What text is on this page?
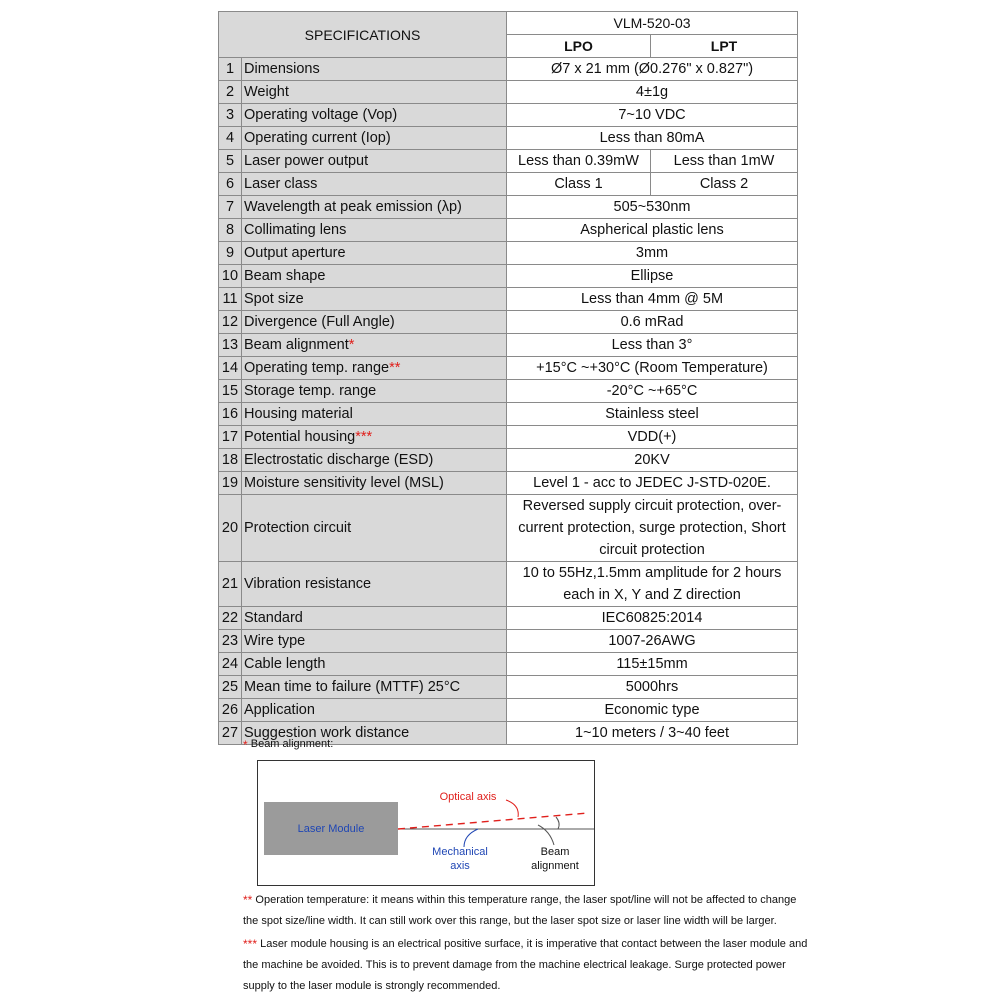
SPECIFICATIONS		VLM-520-03	
		LPO	LPT
1	Dimensions	Ø7 x 21 mm (Ø0.276" x 0.827")	
2	Weight	4±1g	
3	Operating voltage (Vop)	7~10 VDC	
4	Operating current (Iop)	Less than 80mA	
5	Laser power output	Less than 0.39mW	Less than 1mW
6	Laser class	Class 1	Class 2
7	Wavelength at peak emission (λp)	505~530nm	
8	Collimating lens	Aspherical plastic lens	
9	Output aperture	3mm	
10	Beam shape	Ellipse	
11	Spot size	Less than 4mm @ 5M	
12	Divergence (Full Angle)	0.6 mRad	
13	Beam alignment*	Less than 3°	
14	Operating temp. range**	+15°C ~+30°C (Room Temperature)	
15	Storage temp. range	-20°C ~+65°C	
16	Housing material	Stainless steel	
17	Potential housing***	VDD(+)	
18	Electrostatic discharge (ESD)	20KV	
19	Moisture sensitivity level (MSL)	Level 1 - acc to JEDEC J-STD-020E.	
20	Protection circuit	Reversed supply circuit protection, over-
current protection, surge protection, Short
circuit protection	

21	Vibration resistance	10 to 55Hz,1.5mm amplitude for 2 hours
each in X, Y and Z direction	

22	Standard	IEC60825:2014	
23	Wire type	1007-26AWG	
24	Cable length	115±15mm	
25	Mean time to failure (MTTF) 25°C	5000hrs	
26	Application	Economic type	
27	Suggestion work distance	1~10 meters / 3~40 feet	
* Beam alignment:
Laser Module
Optical axis
Mechanical
axis
Beam
alignment
** Operation temperature: it means within this temperature range, the laser spot/line will not be affected to change
the spot size/line width. It can still work over this range, but the laser spot size or laser line width will be larger.
*** Laser module housing is an electrical positive surface, it is imperative that contact between the laser module and
the machine be avoided. This is to prevent damage from the machine electrical leakage. Surge protected power
supply to the laser module is strongly recommended.
